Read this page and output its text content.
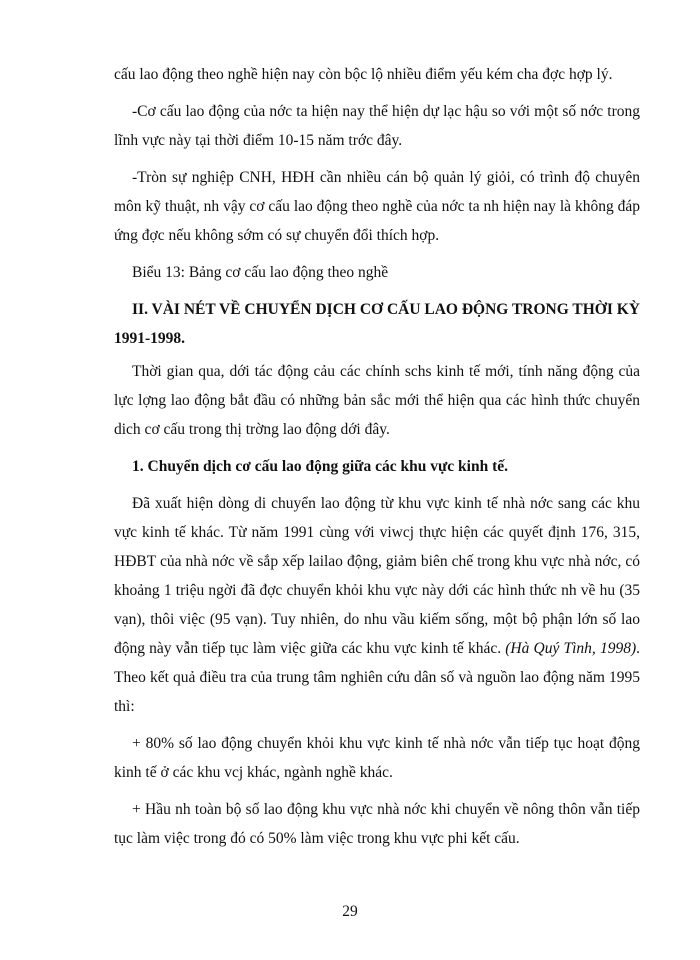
cấu lao động theo nghề hiện nay còn bộc lộ nhiều điểm yếu kém cha đợc hợp lý.

-Cơ cấu lao động của nớc ta hiện nay thể hiện dự lạc hậu so với một số nớc trong lĩnh vực này tại thời điểm 10-15 năm trớc đây.

-Tròn sự nghiệp CNH, HĐH cần nhiều cán bộ quản lý giỏi, có trình độ chuyên môn kỹ thuật, nh vậy cơ cấu lao động theo nghề của nớc ta nh hiện nay là không đáp ứng đợc nếu không sớm có sự chuyển đổi thích hợp.

Biểu 13: Bảng cơ cấu lao động theo nghề

II. VÀI NÉT VỀ CHUYỂN DỊCH CƠ CẤU LAO ĐỘNG TRONG THỜI KỲ 1991-1998.

Thời gian qua, dới tác động cảu các chính schs kinh tế mới, tính năng động của lực lợng lao động bắt đầu có những bản sắc mới thể hiện qua các hình thức chuyển dich cơ cấu trong thị trờng lao động dới đây.

1. Chuyển dịch cơ cấu lao động giữa các khu vực kinh tế.

Đã xuất hiện dòng di chuyển lao động từ khu vực kinh tế nhà nớc sang các khu vực kinh tế khác. Từ năm 1991 cùng với viwcj thực hiện các quyết định 176, 315, HĐBT của nhà nớc về sắp xếp lailao động, giảm biên chế trong khu vực nhà nớc, có khoảng 1 triệu ngời đã đợc chuyển khỏi khu vực này dới các hình thức nh về hu (35 vạn), thôi việc (95 vạn). Tuy nhiên, do nhu vầu kiếm sống, một bộ phận lớn số lao động này vẫn tiếp tục làm việc giữa các khu vực kinh tế khác. (Hà Quý Tình, 1998). Theo kết quả điều tra của trung tâm nghiên cứu dân số và nguồn lao động năm 1995 thì:

+ 80% số lao động chuyển khỏi khu vực kinh tế nhà nớc vẫn tiếp tục hoạt động kinh tế ở các khu vcj khác, ngành nghề khác.

+ Hầu nh toàn bộ số lao động khu vực nhà nớc khi chuyển về nông thôn vẫn tiếp tục làm việc trong đó có 50% làm việc trong khu vực phi kết cấu.

29
